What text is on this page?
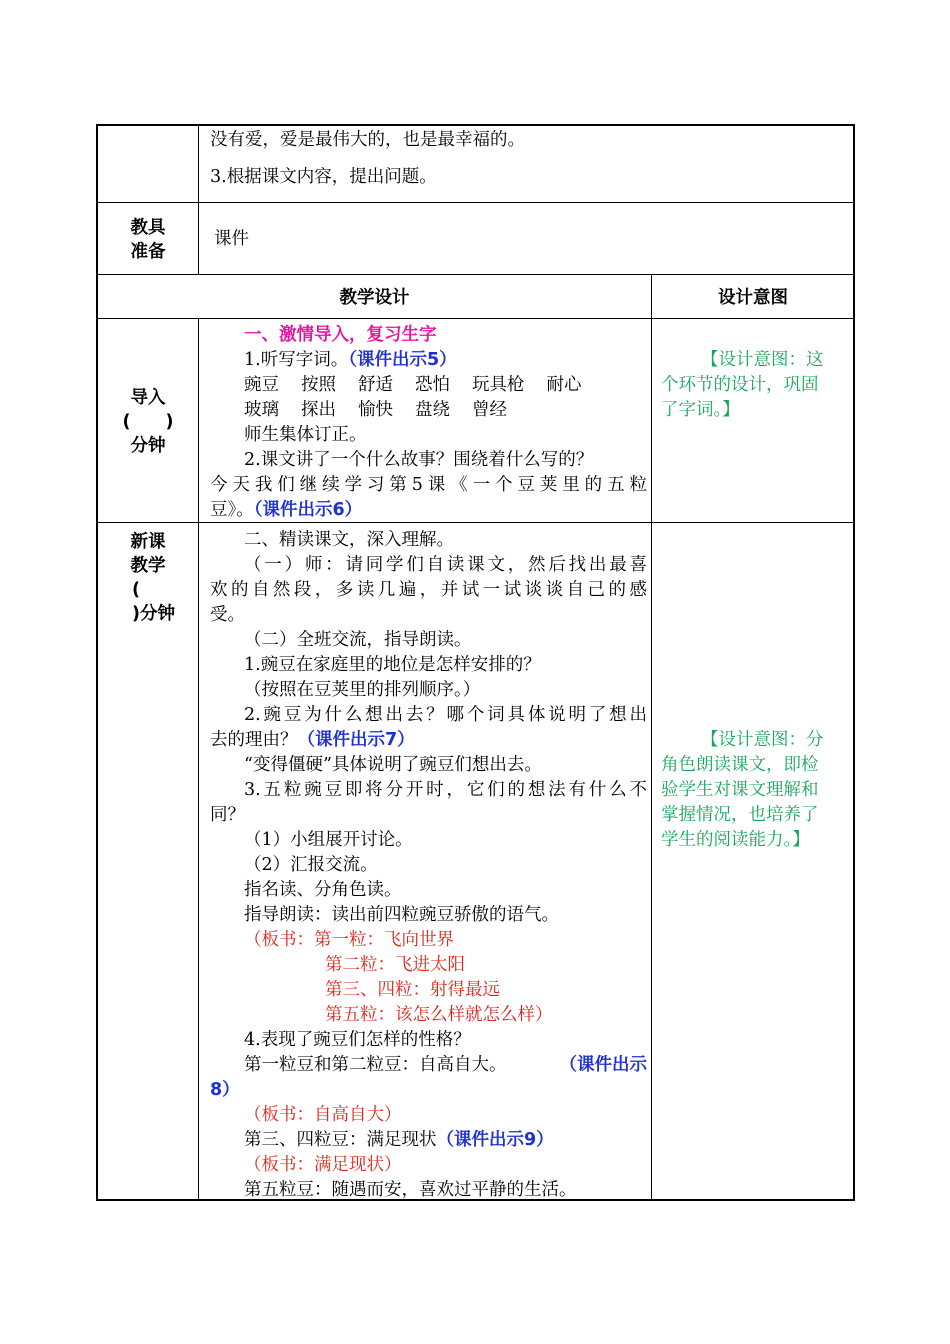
没有爱，爱是最伟大的，也是最幸福的。
3.根据课文内容，提出问题。
教具
准备
课件
教学设计	设计意图
导入
(　　)
分钟
一、激情导入，复习生字
1.听写字词。（课件出示5）
豌豆 按照 舒适 恐怕 玩具枪 耐心
玻璃 探出 愉快 盘绕 曾经
师生集体订正。
2.课文讲了一个什么故事？围绕着什么写的？
今天我们继续学习第5课《一个豆荚里的五粒
豆》。（课件出示6）
【设计意图：这
个环节的设计，巩固
了字词。】
新课
教学
(
)分钟
二、精读课文，深入理解。
（一）师：请同学们自读课文，然后找出最喜
欢的自然段，多读几遍，并试一试谈谈自己的感
受。
（二）全班交流，指导朗读。
1.豌豆在家庭里的地位是怎样安排的？
（按照在豆荚里的排列顺序。）
2.豌豆为什么想出去？哪个词具体说明了想出
去的理由？（课件出示7）
“变得僵硬”具体说明了豌豆们想出去。
3.五粒豌豆即将分开时，它们的想法有什么不
同？
（1）小组展开讨论。
（2）汇报交流。
指名读、分角色读。
指导朗读：读出前四粒豌豆骄傲的语气。
（板书：第一粒：飞向世界
第二粒：飞进太阳
第三、四粒：射得最远
第五粒：该怎么样就怎么样）
4.表现了豌豆们怎样的性格？
第一粒豆和第二粒豆：自高自大。	（课件出示
8）
（板书：自高自大）
第三、四粒豆：满足现状（课件出示9）
（板书：满足现状）
第五粒豆：随遇而安，喜欢过平静的生活。
【设计意图：分
角色朗读课文，即检
验学生对课文理解和
掌握情况，也培养了
学生的阅读能力。】
